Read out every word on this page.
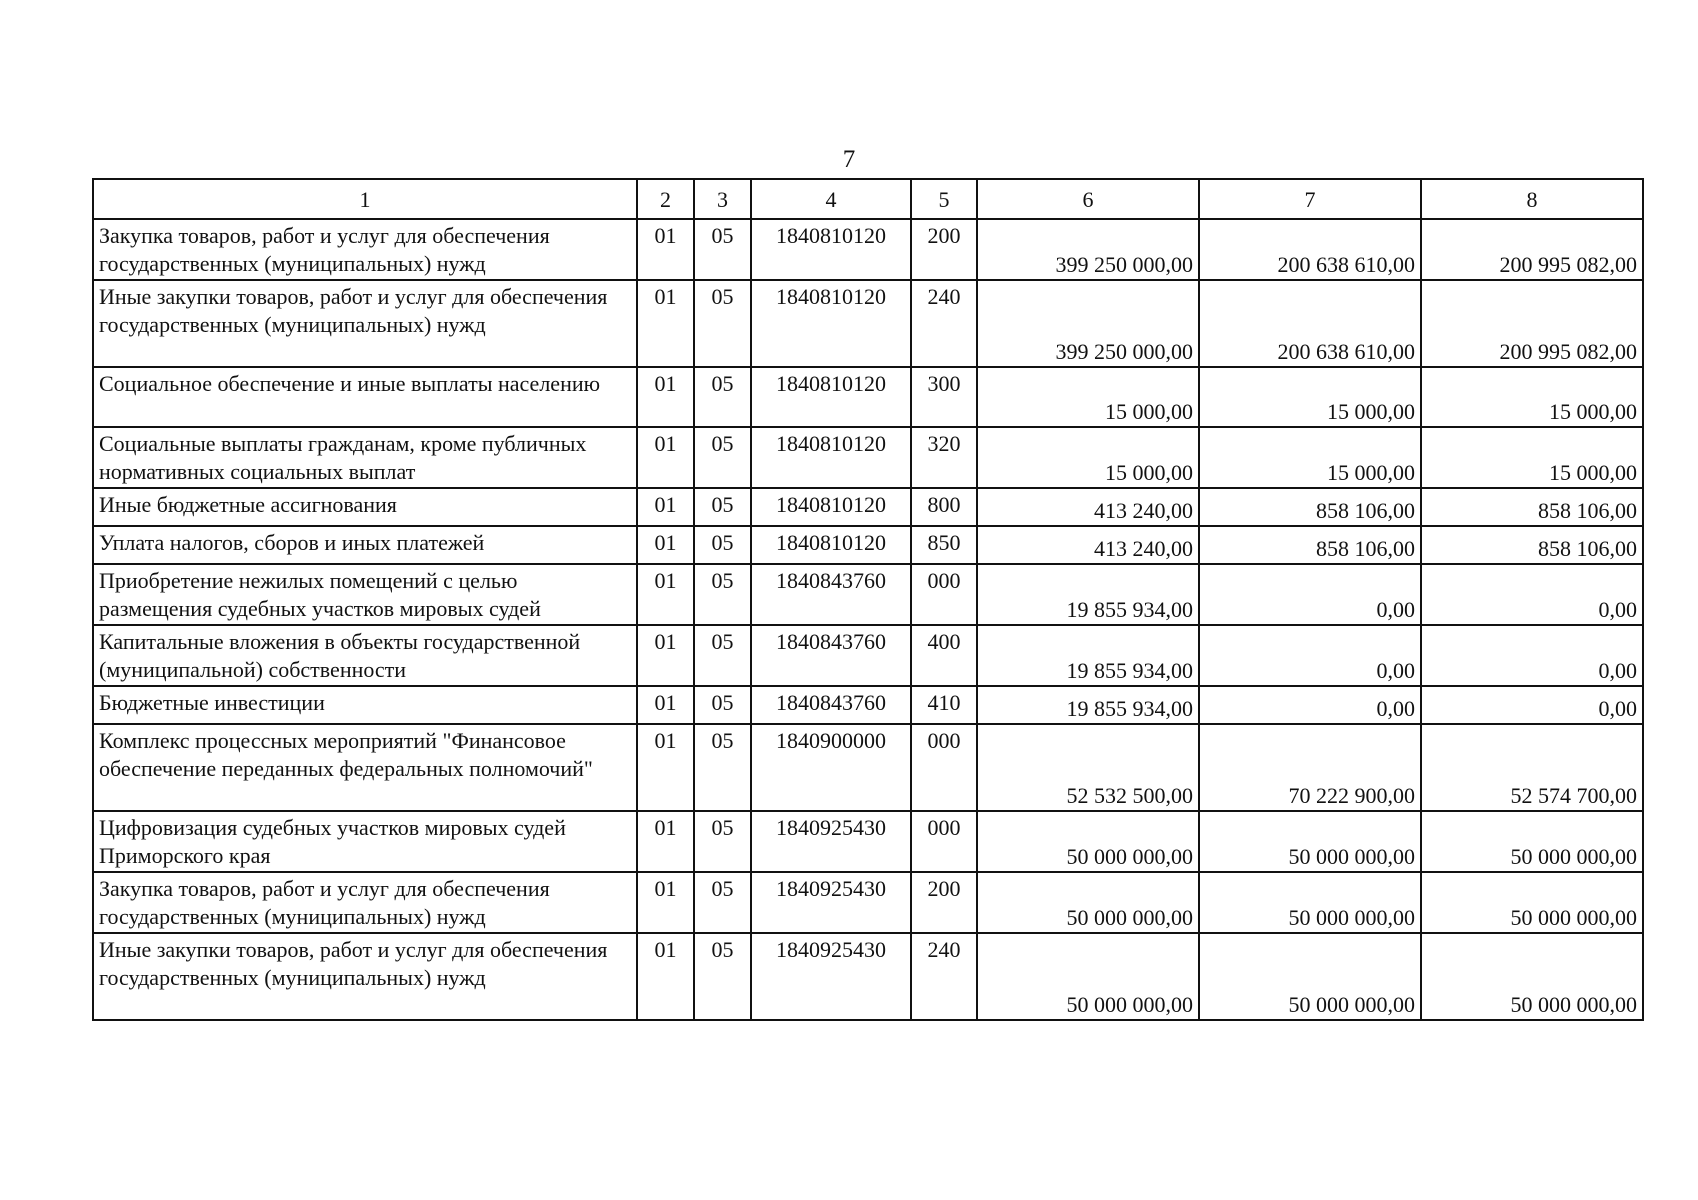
7
1	2	3	4	5	6	7	8
Закупка товаров, работ и услуг для обеспечения государственных (муниципальных) нужд	01	05	1840810120	200	399 250 000,00	200 638 610,00	200 995 082,00
Иные закупки товаров, работ и услуг для обеспечения государственных (муниципальных) нужд	01	05	1840810120	240	399 250 000,00	200 638 610,00	200 995 082,00
Социальное обеспечение и иные выплаты населению	01	05	1840810120	300	15 000,00	15 000,00	15 000,00
Социальные выплаты гражданам, кроме публичных нормативных социальных выплат	01	05	1840810120	320	15 000,00	15 000,00	15 000,00
Иные бюджетные ассигнования	01	05	1840810120	800	413 240,00	858 106,00	858 106,00
Уплата налогов, сборов и иных платежей	01	05	1840810120	850	413 240,00	858 106,00	858 106,00
Приобретение нежилых помещений с целью размещения судебных участков мировых судей	01	05	1840843760	000	19 855 934,00	0,00	0,00
Капитальные вложения в объекты государственной (муниципальной) собственности	01	05	1840843760	400	19 855 934,00	0,00	0,00
Бюджетные инвестиции	01	05	1840843760	410	19 855 934,00	0,00	0,00
Комплекс процессных мероприятий "Финансовое обеспечение переданных федеральных полномочий"	01	05	1840900000	000	52 532 500,00	70 222 900,00	52 574 700,00
Цифровизация судебных участков мировых судей Приморского края	01	05	1840925430	000	50 000 000,00	50 000 000,00	50 000 000,00
Закупка товаров, работ и услуг для обеспечения государственных (муниципальных) нужд	01	05	1840925430	200	50 000 000,00	50 000 000,00	50 000 000,00
Иные закупки товаров, работ и услуг для обеспечения государственных (муниципальных) нужд	01	05	1840925430	240	50 000 000,00	50 000 000,00	50 000 000,00
